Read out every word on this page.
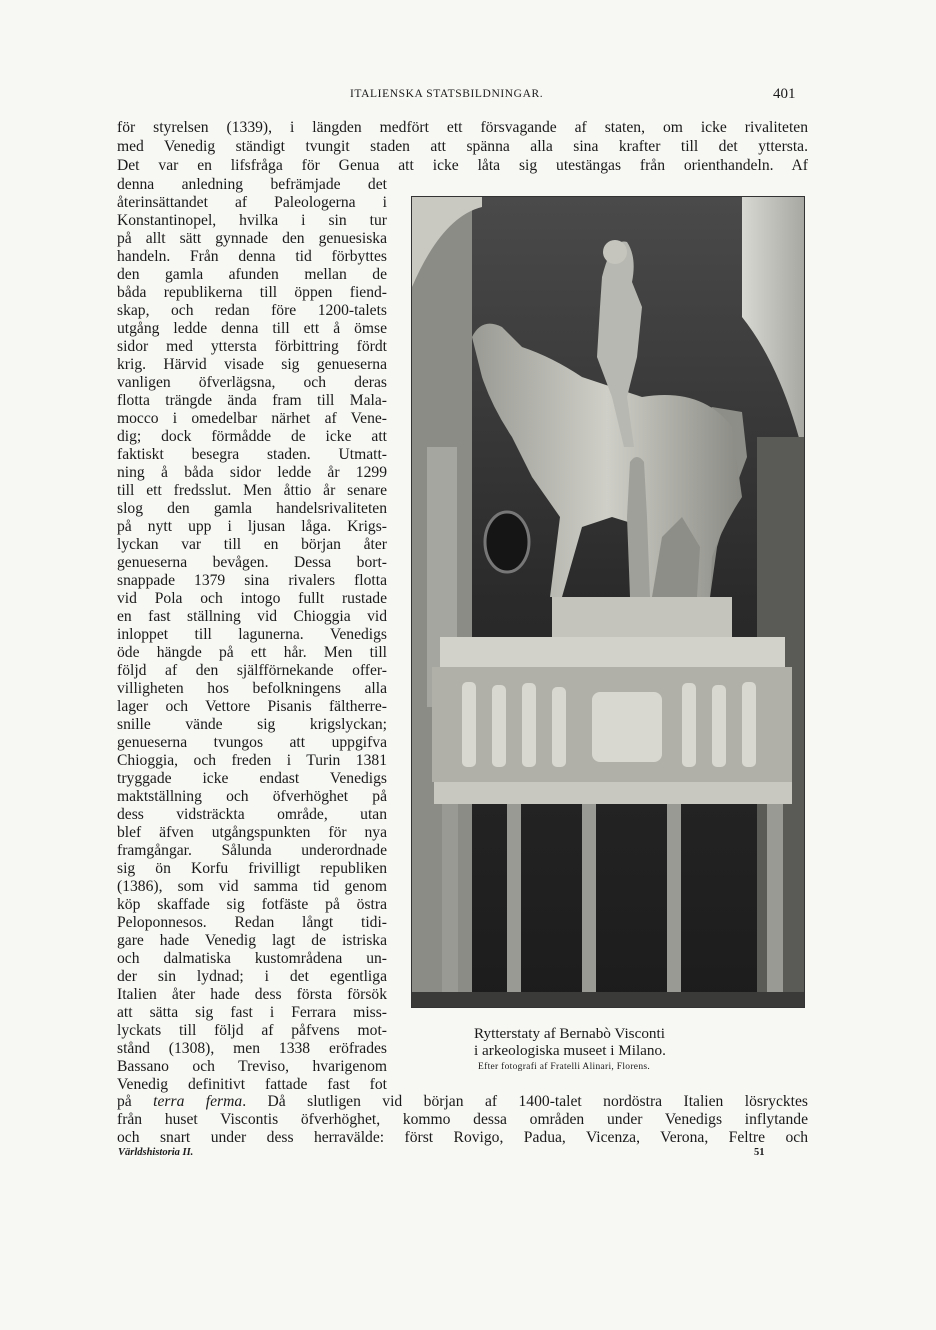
ITALIENSKA STATSBILDNINGAR.	401
för styrelsen (1339), i längden medfört ett försvagande af staten, om icke rivaliteten
med Venedig ständigt tvungit staden att spänna alla sina krafter till det yttersta.
Det var en lifsfråga för Genua att icke låta sig utestängas från orienthandeln. Af
denna anledning befrämjade det
återinsättandet af Paleologerna i
Konstantinopel, hvilka i sin tur
på allt sätt gynnade den genuesiska
handeln. Från denna tid förbyttes
den gamla afunden mellan de
båda republikerna till öppen fiend-
skap, och redan före 1200-talets
utgång ledde denna till ett å ömse
sidor med yttersta förbittring fördt
krig. Härvid visade sig genueserna
vanligen öfverlägsna, och deras
flotta trängde ända fram till Mala-
mocco i omedelbar närhet af Vene-
dig; dock förmådde de icke att
faktiskt besegra staden. Utmatt-
ning å båda sidor ledde år 1299
till ett fredsslut. Men åttio år senare
slog den gamla handelsrivaliteten
på nytt upp i ljusan låga. Krigs-
lyckan var till en början åter
genueserna bevågen. Dessa bort-
snappade 1379 sina rivalers flotta
vid Pola och intogo fullt rustade
en fast ställning vid Chioggia vid
inloppet till lagunerna. Venedigs
öde hängde på ett hår. Men till
följd af den själfförnekande offer-
villigheten hos befolkningens alla
lager och Vettore Pisanis fältherre-
snille vände sig krigslyckan;
genueserna tvungos att uppgifva
Chioggia, och freden i Turin 1381
tryggade icke endast Venedigs
maktställning och öfverhöghet på
dess vidsträckta område, utan
blef äfven utgångspunkten för nya
framgångar. Sålunda underordnade
sig ön Korfu frivilligt republiken
(1386), som vid samma tid genom
köp skaffade sig fotfäste på östra
Peloponnesos. Redan långt tidi-
gare hade Venedig lagt de istriska
och dalmatiska kustområdena un-
der sin lydnad; i det egentliga
Italien åter hade dess första försök
att sätta sig fast i Ferrara miss-
lyckats till följd af påfvens mot-
stånd (1308), men 1338 eröfrades
Bassano och Treviso, hvarigenom
Venedig definitivt fattade fast fot
på terra ferma. Då slutligen vid början af 1400-talet nordöstra Italien lösrycktes
från huset Viscontis öfverhöghet, kommo dessa områden under Venedigs inflytande
och snart under dess herravälde: först Rovigo, Padua, Vicenza, Verona, Feltre och
Rytterstaty af Bernabò Visconti
i arkeologiska museet i Milano.
Efter fotografi af Fratelli Alinari, Florens.
Världshistoria II.	51
